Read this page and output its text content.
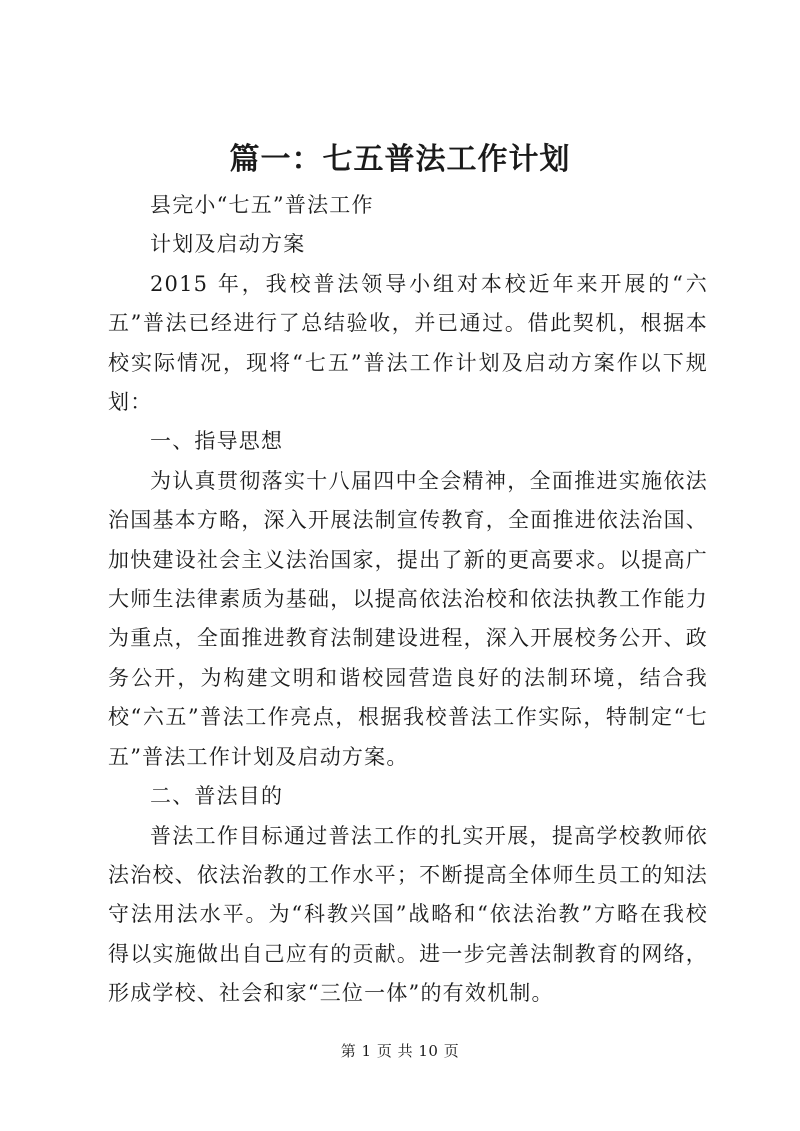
篇一：七五普法工作计划

县完小“七五”普法工作

计划及启动方案

2015 年，我校普法领导小组对本校近年来开展的“六五”普法已经进行了总结验收，并已通过。借此契机，根据本校实际情况，现将“七五”普法工作计划及启动方案作以下规划：

一、指导思想

为认真贯彻落实十八届四中全会精神，全面推进实施依法治国基本方略，深入开展法制宣传教育，全面推进依法治国、加快建设社会主义法治国家，提出了新的更高要求。以提高广大师生法律素质为基础，以提高依法治校和依法执教工作能力为重点，全面推进教育法制建设进程，深入开展校务公开、政务公开，为构建文明和谐校园营造良好的法制环境，结合我校“六五”普法工作亮点，根据我校普法工作实际，特制定“七五”普法工作计划及启动方案。

二、普法目的

普法工作目标通过普法工作的扎实开展，提高学校教师依法治校、依法治教的工作水平；不断提高全体师生员工的知法守法用法水平。为“科教兴国”战略和“依法治教”方略在我校得以实施做出自己应有的贡献。进一步完善法制教育的网络，形成学校、社会和家“三位一体”的有效机制。

第 1 页 共 10 页
